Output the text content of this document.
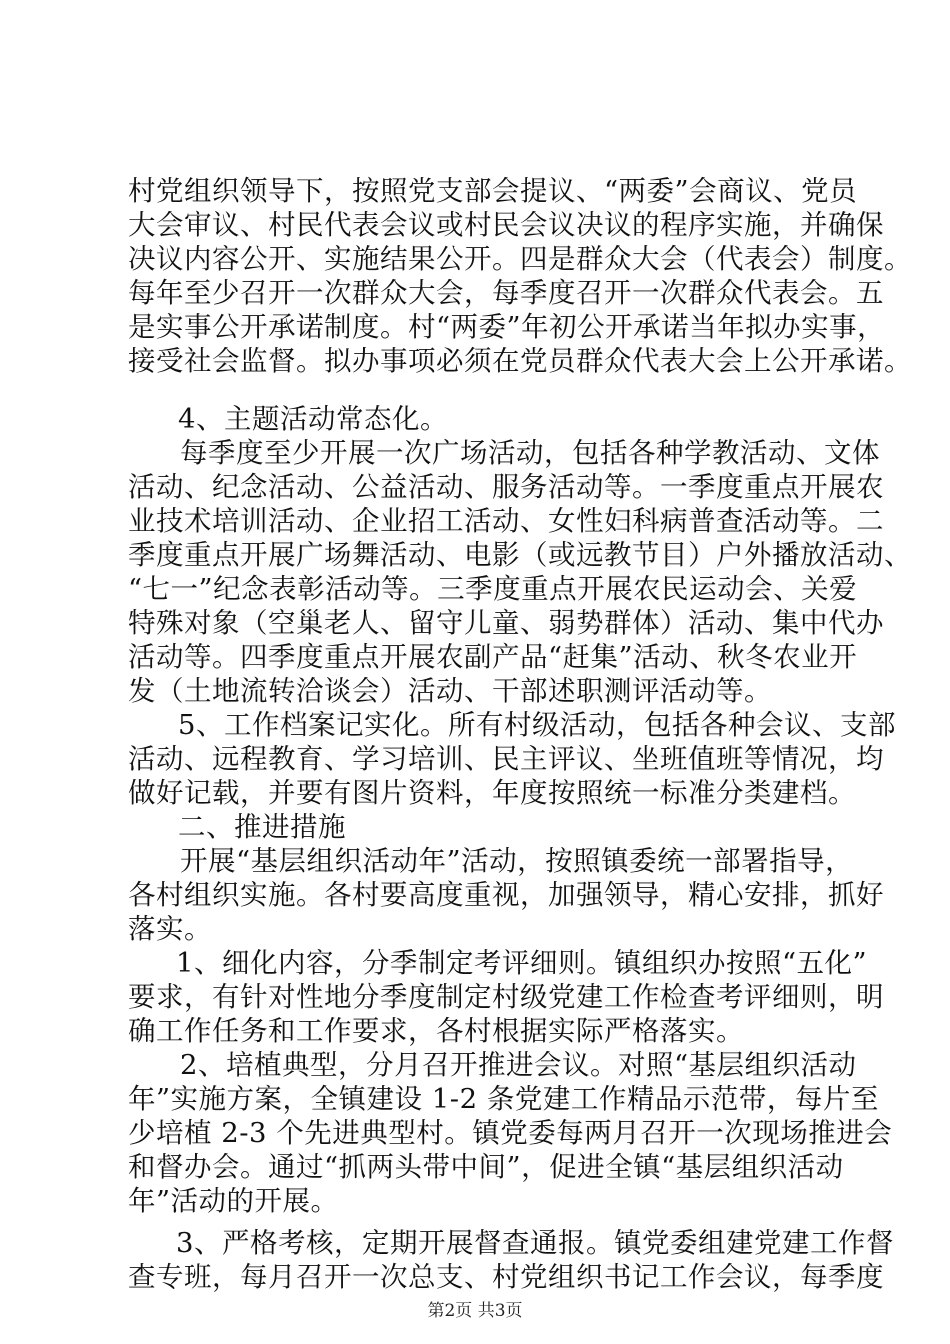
村党组织领导下，按照党支部会提议、“两委”会商议、党员
大会审议、村民代表会议或村民会议决议的程序实施，并确保
决议内容公开、实施结果公开。四是群众大会（代表会）制度。
每年至少召开一次群众大会，每季度召开一次群众代表会。五
是实事公开承诺制度。村“两委”年初公开承诺当年拟办实事，
接受社会监督。拟办事项必须在党员群众代表大会上公开承诺。
4、主题活动常态化。
每季度至少开展一次广场活动，包括各种学教活动、文体
活动、纪念活动、公益活动、服务活动等。一季度重点开展农
业技术培训活动、企业招工活动、女性妇科病普查活动等。二
季度重点开展广场舞活动、电影（或远教节目）户外播放活动、
“七一”纪念表彰活动等。三季度重点开展农民运动会、关爱
特殊对象（空巢老人、留守儿童、弱势群体）活动、集中代办
活动等。四季度重点开展农副产品“赶集”活动、秋冬农业开
发（土地流转洽谈会）活动、干部述职测评活动等。
5、工作档案记实化。所有村级活动，包括各种会议、支部
活动、远程教育、学习培训、民主评议、坐班值班等情况，均
做好记载，并要有图片资料，年度按照统一标准分类建档。
二、推进措施
开展“基层组织活动年”活动，按照镇委统一部署指导，
各村组织实施。各村要高度重视，加强领导，精心安排，抓好
落实。
1、细化内容，分季制定考评细则。镇组织办按照“五化”
要求，有针对性地分季度制定村级党建工作检查考评细则，明
确工作任务和工作要求，各村根据实际严格落实。
2、培植典型，分月召开推进会议。对照“基层组织活动
年”实施方案，全镇建设 1-2 条党建工作精品示范带，每片至
少培植 2-3 个先进典型村。镇党委每两月召开一次现场推进会
和督办会。通过“抓两头带中间”，促进全镇“基层组织活动
年”活动的开展。
3、严格考核，定期开展督查通报。镇党委组建党建工作督
查专班，每月召开一次总支、村党组织书记工作会议，每季度
第2页 共3页
